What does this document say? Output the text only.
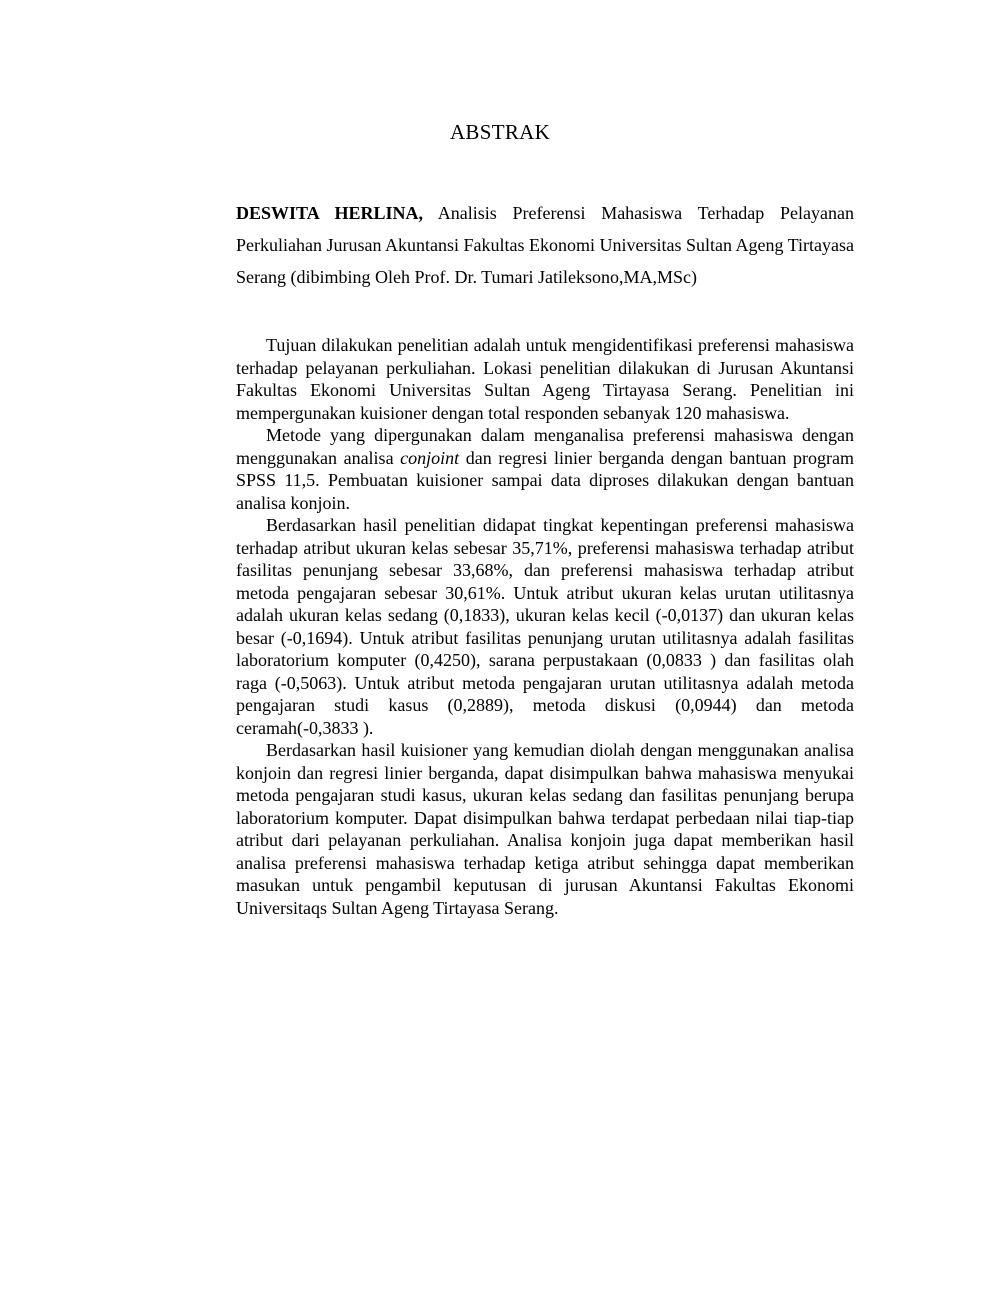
ABSTRAK
DESWITA HERLINA, Analisis Preferensi Mahasiswa Terhadap Pelayanan Perkuliahan Jurusan Akuntansi Fakultas Ekonomi Universitas Sultan Ageng Tirtayasa Serang (dibimbing Oleh Prof. Dr. Tumari Jatileksono,MA,MSc)

Tujuan dilakukan penelitian adalah untuk mengidentifikasi preferensi mahasiswa terhadap pelayanan perkuliahan. Lokasi penelitian dilakukan di Jurusan Akuntansi Fakultas Ekonomi Universitas Sultan Ageng Tirtayasa Serang. Penelitian ini mempergunakan kuisioner dengan total responden sebanyak 120 mahasiswa.

Metode yang dipergunakan dalam menganalisa preferensi mahasiswa dengan menggunakan analisa conjoint dan regresi linier berganda dengan bantuan program SPSS 11,5. Pembuatan kuisioner sampai data diproses dilakukan dengan bantuan analisa konjoin.

Berdasarkan hasil penelitian didapat tingkat kepentingan preferensi mahasiswa terhadap atribut ukuran kelas sebesar 35,71%, preferensi mahasiswa terhadap atribut fasilitas penunjang sebesar 33,68%, dan preferensi mahasiswa terhadap atribut metoda pengajaran sebesar 30,61%. Untuk atribut ukuran kelas urutan utilitasnya adalah ukuran kelas sedang (0,1833), ukuran kelas kecil (-0,0137) dan ukuran kelas besar (-0,1694). Untuk atribut fasilitas penunjang urutan utilitasnya adalah fasilitas laboratorium komputer (0,4250), sarana perpustakaan (0,0833 ) dan fasilitas olah raga (-0,5063). Untuk atribut metoda pengajaran urutan utilitasnya adalah metoda pengajaran studi kasus (0,2889), metoda diskusi (0,0944) dan metoda ceramah(-0,3833 ).

Berdasarkan hasil kuisioner yang kemudian diolah dengan menggunakan analisa konjoin dan regresi linier berganda, dapat disimpulkan bahwa mahasiswa menyukai metoda pengajaran studi kasus, ukuran kelas sedang dan fasilitas penunjang berupa laboratorium komputer. Dapat disimpulkan bahwa terdapat perbedaan nilai tiap-tiap atribut dari pelayanan perkuliahan. Analisa konjoin juga dapat memberikan hasil analisa preferensi mahasiswa terhadap ketiga atribut sehingga dapat memberikan masukan untuk pengambil keputusan di jurusan Akuntansi Fakultas Ekonomi Universitaqs Sultan Ageng Tirtayasa Serang.
